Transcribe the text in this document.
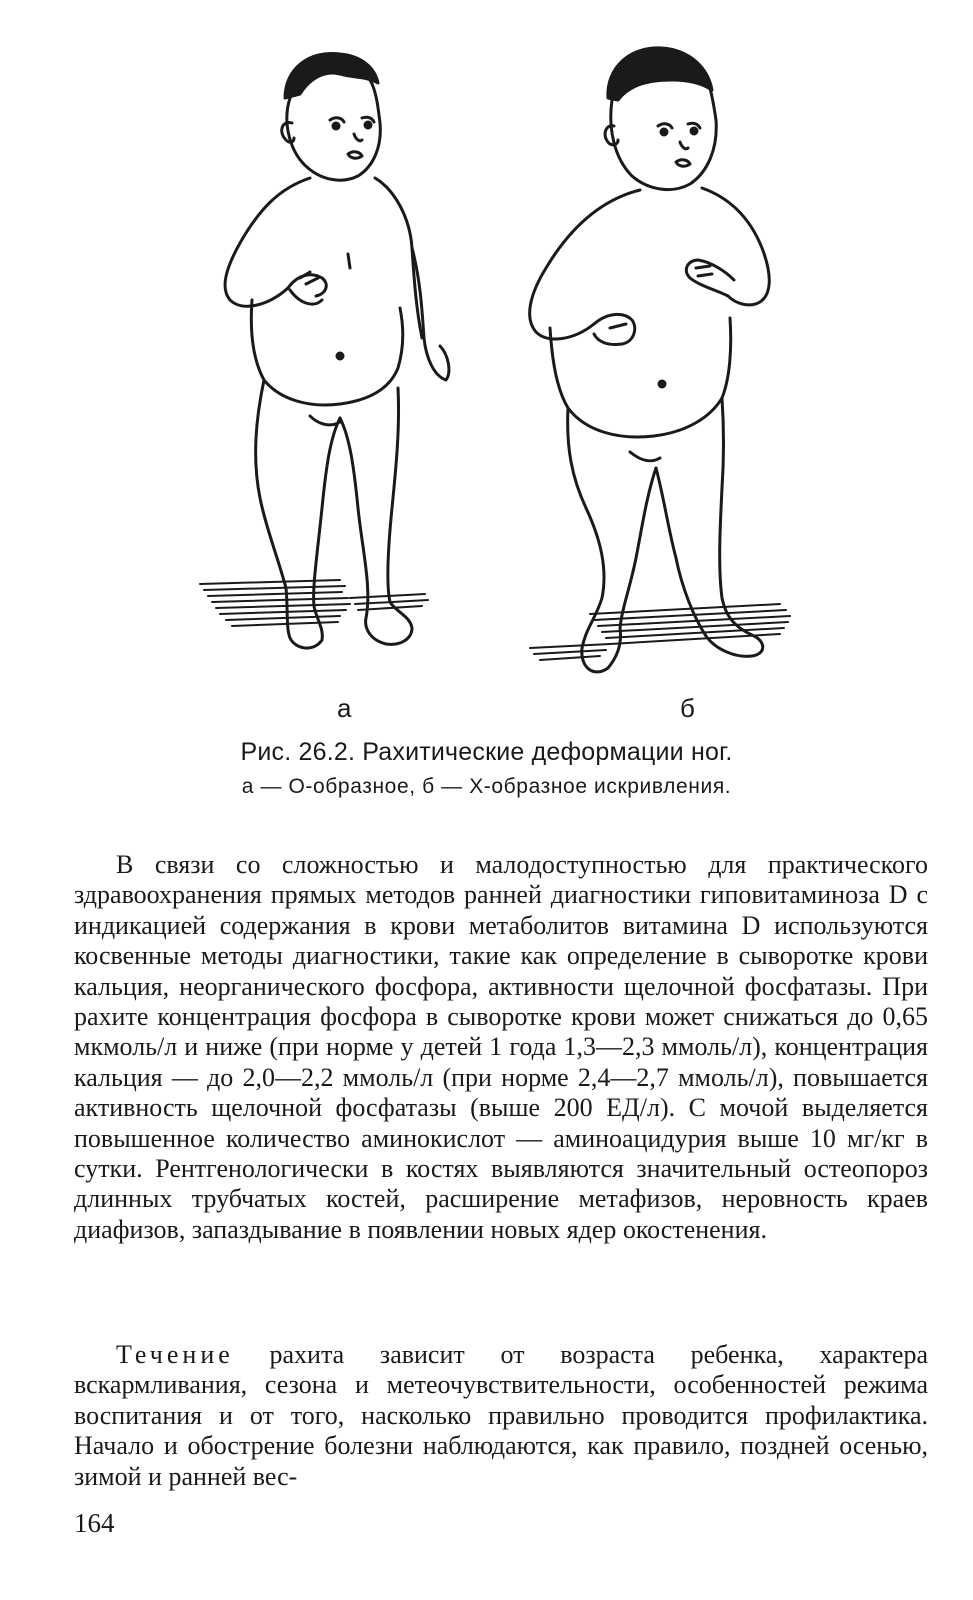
а	б
Рис. 26.2. Рахитические деформации ног.
а — О-образное, б — Х-образное искривления.

В связи со сложностью и малодоступностью для практического здравоохранения прямых методов ранней диагностики гиповитаминоза D с индикацией содержания в крови метаболитов витамина D используются косвенные методы диагностики, такие как определение в сыворотке крови кальция, неорганического фосфора, активности щелочной фосфатазы. При рахите концентрация фосфора в сыворотке крови может снижаться до 0,65 мкмоль/л и ниже (при норме у детей 1 года 1,3—2,3 ммоль/л), концентрация кальция — до 2,0—2,2 ммоль/л (при норме 2,4—2,7 ммоль/л), повышается активность щелочной фосфатазы (выше 200 ЕД/л). С мочой выделяется повышенное количество аминокислот — аминоацидурия выше 10 мг/кг в сутки. Рентгенологически в костях выявляются значительный остеопороз длинных трубчатых костей, расширение метафизов, неровность краев диафизов, запаздывание в появлении новых ядер окостенения.

Течение рахита зависит от возраста ребенка, характера вскармливания, сезона и метеочувствительности, особенностей режима воспитания и от того, насколько правильно проводится профилактика. Начало и обострение болезни наблюдаются, как правило, поздней осенью, зимой и ранней вес-

164
